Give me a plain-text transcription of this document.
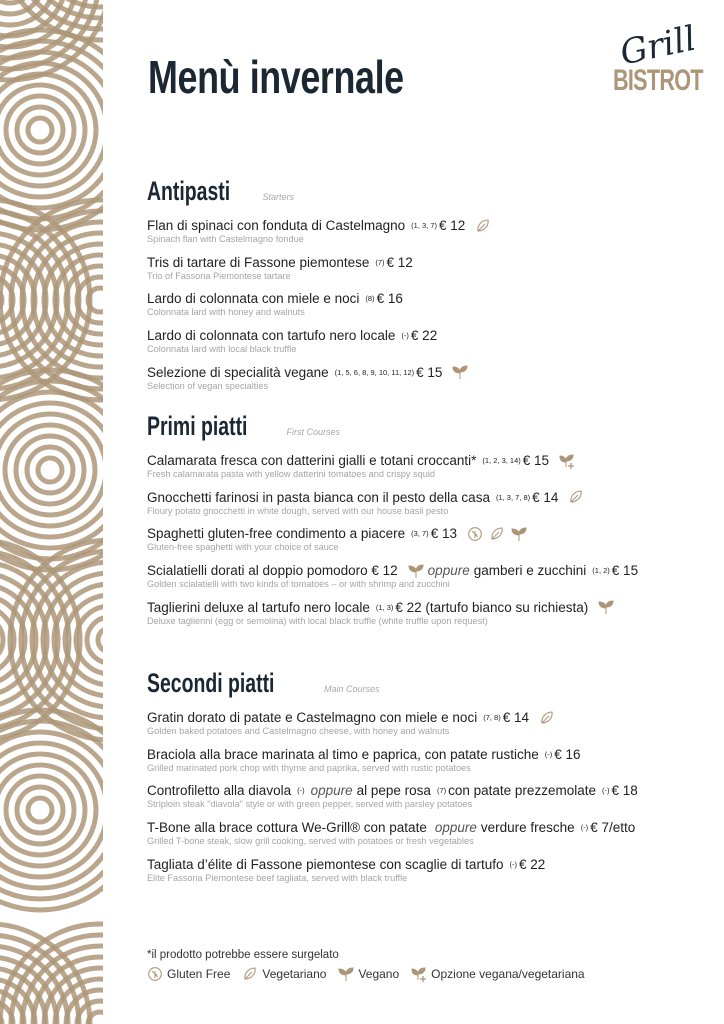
Menù invernale
Grill
BISTROT
Antipasti	Starters
Flan di spinaci con fonduta di Castelmagno (1, 3, 7) € 12
Spinach flan with Castelmagno fondue
Tris di tartare di Fassone piemontese (7) € 12
Trio of Fassona Piemontese tartare
Lardo di colonnata con miele e noci (8) € 16
Colonnata lard with honey and walnuts
Lardo di colonnata con tartufo nero locale (-) € 22
Colonnata lard with local black truffle
Selezione di specialità vegane (1, 5, 6, 8, 9, 10, 11, 12) € 15
Selection of vegan specialties
Primi piatti	First Courses
Calamarata fresca con datterini gialli e totani croccanti* (1, 2, 3, 14) € 15
Fresh calamarata pasta with yellow datterini tomatoes and crispy squid
Gnocchetti farinosi in pasta bianca con il pesto della casa (1, 3, 7, 8) € 14
Floury potato gnocchetti in white dough, served with our house basil pesto
Spaghetti gluten-free condimento a piacere (3, 7) € 13
Gluten-free spaghetti with your choice of sauce
Scialatielli dorati al doppio pomodoro € 12 oppure gamberi e zucchini (1, 2) € 15
Golden scialatielli with two kinds of tomatoes – or with shrimp and zucchini
Taglierini deluxe al tartufo nero locale (1, 3) € 22 (tartufo bianco su richiesta)
Deluxe taglierini (egg or semolina) with local black truffle (white truffle upon request)
Secondi piatti	Main Courses
Gratin dorato di patate e Castelmagno con miele e noci (7, 8) € 14
Golden baked potatoes and Castelmagno cheese, with honey and walnuts
Braciola alla brace marinata al timo e paprica, con patate rustiche (-) € 16
Grilled marinated pork chop with thyme and paprika, served with rustic potatoes
Controfiletto alla diavola (-) oppure al pepe rosa (7) con patate prezzemolate (-) € 18
Striploin steak "diavola" style or with green pepper, served with parsley potatoes
T-Bone alla brace cottura We-Grill® con patate oppure verdure fresche (-) € 7/etto
Grilled T-bone steak, slow grill cooking, served with potatoes or fresh vegetables
Tagliata d’élite di Fassone piemontese con scaglie di tartufo (-) € 22
Elite Fassona Piemontese beef tagliata, served with black truffle
*il prodotto potrebbe essere surgelato
Gluten Free	Vegetariano	Vegano	Opzione vegana/vegetariana
